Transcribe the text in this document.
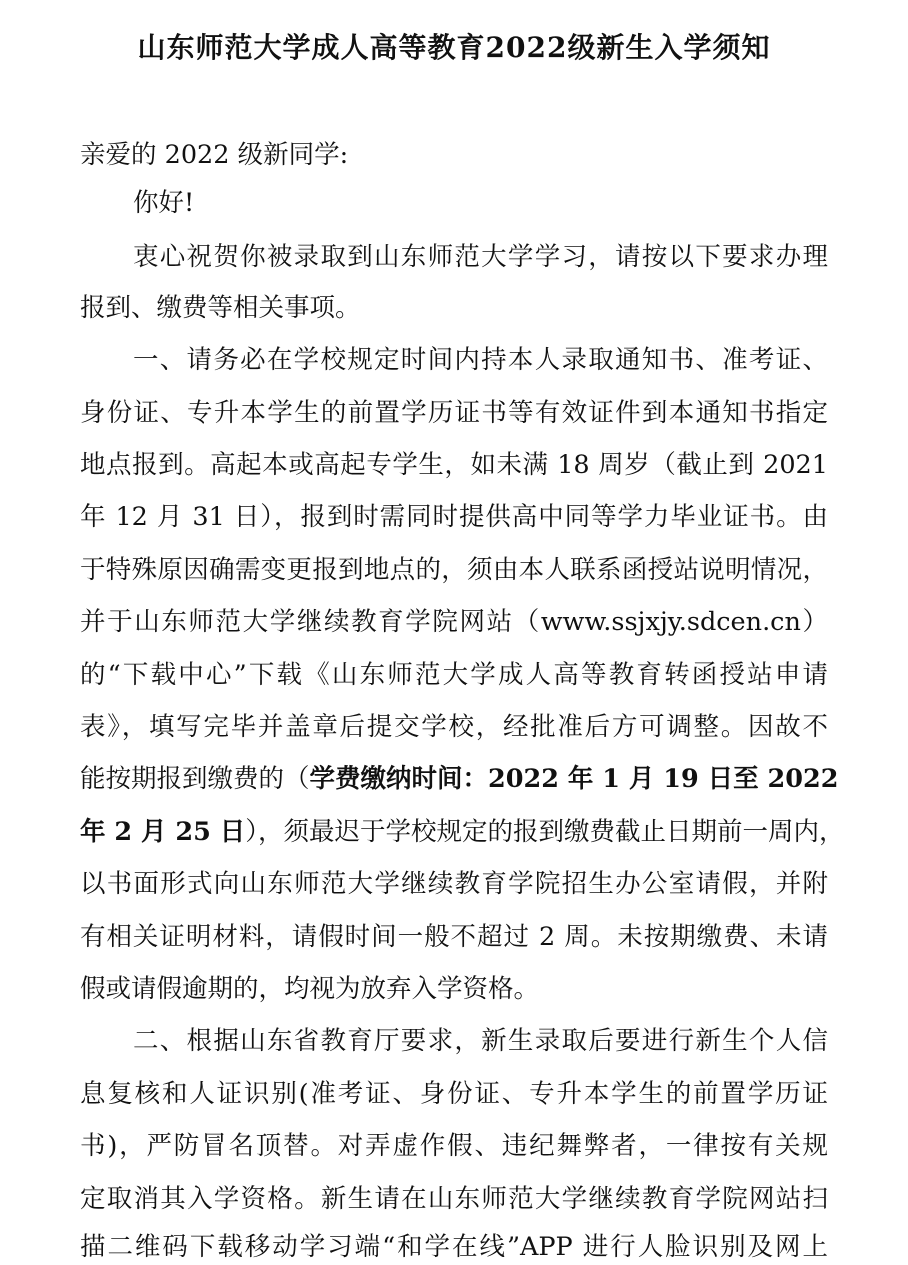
山东师范大学成人高等教育2022级新生入学须知
亲爱的 2022 级新同学:
你好!
衷心祝贺你被录取到山东师范大学学习，请按以下要求办理
报到、缴费等相关事项。
一、请务必在学校规定时间内持本人录取通知书、准考证、
身份证、专升本学生的前置学历证书等有效证件到本通知书指定
地点报到。高起本或高起专学生，如未满 18 周岁（截止到 2021
年 12 月 31 日），报到时需同时提供高中同等学力毕业证书。由
于特殊原因确需变更报到地点的，须由本人联系函授站说明情况，
并于山东师范大学继续教育学院网站（www.ssjxjy.sdcen.cn）
的“下载中心”下载《山东师范大学成人高等教育转函授站申请
表》，填写完毕并盖章后提交学校，经批准后方可调整。因故不
能按期报到缴费的（学费缴纳时间：2022 年 1 月 19 日至 2022
年 2 月 25 日），须最迟于学校规定的报到缴费截止日期前一周内，
以书面形式向山东师范大学继续教育学院招生办公室请假，并附
有相关证明材料，请假时间一般不超过 2 周。未按期缴费、未请
假或请假逾期的，均视为放弃入学资格。
二、根据山东省教育厅要求，新生录取后要进行新生个人信
息复核和人证识别(准考证、身份证、专升本学生的前置学历证
书)，严防冒名顶替。对弄虚作假、违纪舞弊者，一律按有关规
定取消其入学资格。新生请在山东师范大学继续教育学院网站扫
描二维码下载移动学习端“和学在线”APP 进行人脸识别及网上
